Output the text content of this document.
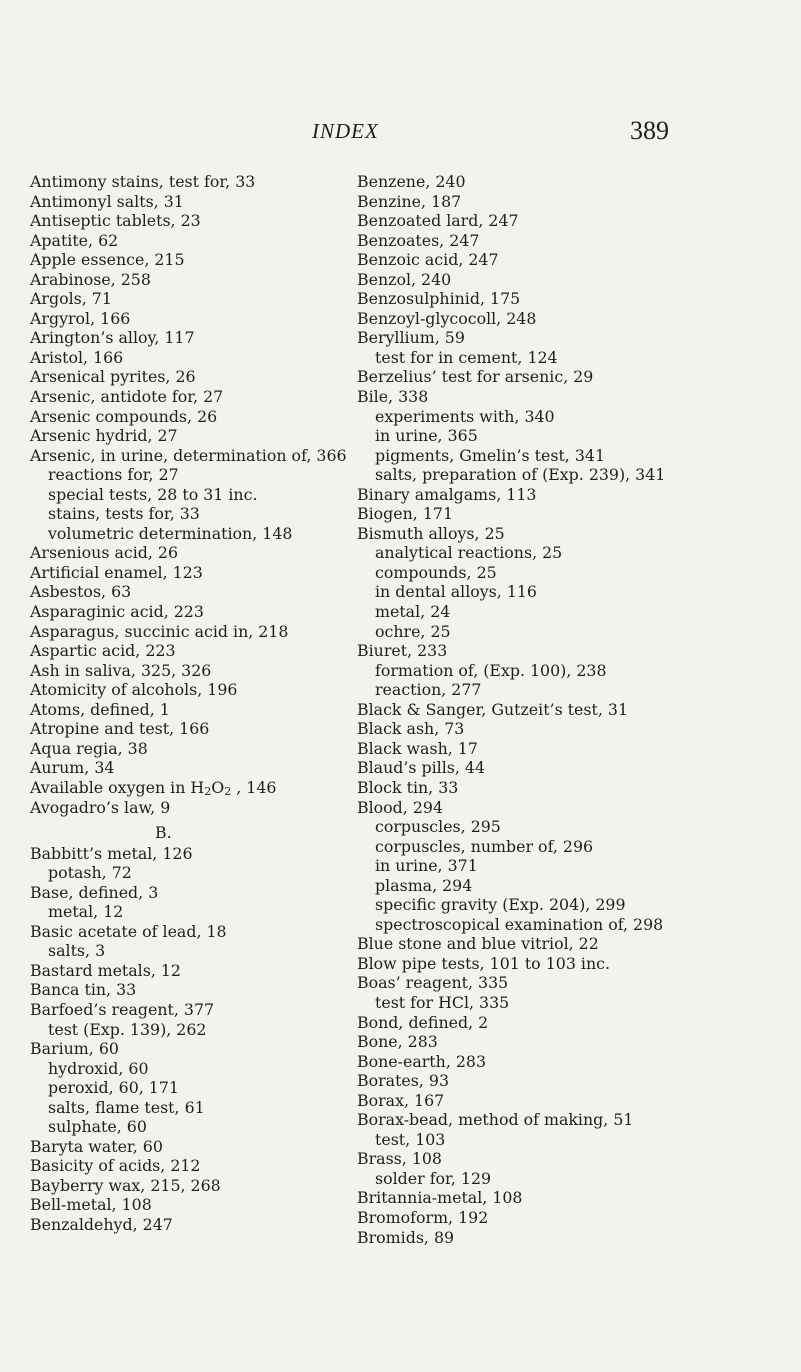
INDEX	389
Antimony stains, test for, 33
Antimonyl salts, 31
Antiseptic tablets, 23
Apatite, 62
Apple essence, 215
Arabinose, 258
Argols, 71
Argyrol, 166
Arington’s alloy, 117
Aristol, 166
Arsenical pyrites, 26
Arsenic, antidote for, 27
Arsenic compounds, 26
Arsenic hydrid, 27
Arsenic, in urine, determination of, 366
reactions for, 27
special tests, 28 to 31 inc.
stains, tests for, 33
volumetric determination, 148
Arsenious acid, 26
Artificial enamel, 123
Asbestos, 63
Asparaginic acid, 223
Asparagus, succinic acid in, 218
Aspartic acid, 223
Ash in saliva, 325, 326
Atomicity of alcohols, 196
Atoms, defined, 1
Atropine and test, 166
Aqua regia, 38
Aurum, 34
Available oxygen in $H_2O_2$ , 146
Avogadro’s law, 9
B.
Babbitt’s metal, 126
potash, 72
Base, defined, 3
metal, 12
Basic acetate of lead, 18
salts, 3
Bastard metals, 12
Banca tin, 33
Barfoed’s reagent, 377
test (Exp. 139), 262
Barium, 60
hydroxid, 60
peroxid, 60, 171
salts, flame test, 61
sulphate, 60
Baryta water, 60
Basicity of acids, 212
Bayberry wax, 215, 268
Bell-metal, 108
Benzaldehyd, 247
Benzene, 240
Benzine, 187
Benzoated lard, 247
Benzoates, 247
Benzoic acid, 247
Benzol, 240
Benzosulphinid, 175
Benzoyl-glycocoll, 248
Beryllium, 59
test for in cement, 124
Berzelius’ test for arsenic, 29
Bile, 338
experiments with, 340
in urine, 365
pigments, Gmelin’s test, 341
salts, preparation of (Exp. 239), 341
Binary amalgams, 113
Biogen, 171
Bismuth alloys, 25
analytical reactions, 25
compounds, 25
in dental alloys, 116
metal, 24
ochre, 25
Biuret, 233
formation of, (Exp. 100), 238
reaction, 277
Black & Sanger, Gutzeit’s test, 31
Black ash, 73
Black wash, 17
Blaud’s pills, 44
Block tin, 33
Blood, 294
corpuscles, 295
corpuscles, number of, 296
in urine, 371
plasma, 294
specific gravity (Exp. 204), 299
spectroscopical examination of, 298
Blue stone and blue vitriol, 22
Blow pipe tests, 101 to 103 inc.
Boas’ reagent, 335
test for HCl, 335
Bond, defined, 2
Bone, 283
Bone-earth, 283
Borates, 93
Borax, 167
Borax-bead, method of making, 51
test, 103
Brass, 108
solder for, 129
Britannia-metal, 108
Bromoform, 192
Bromids, 89
